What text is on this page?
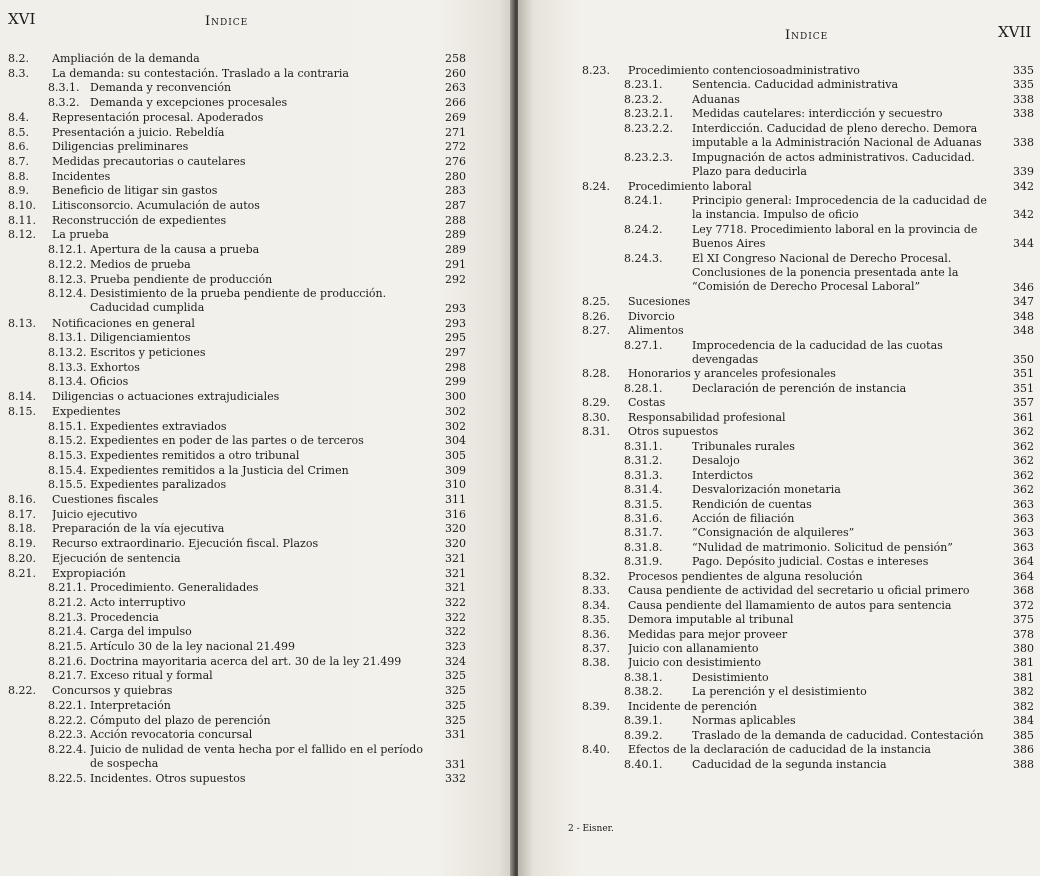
XVI	Indice
8.2. Ampliación de la demanda	258
8.3. La demanda: su contestación. Traslado a la contraria	260
8.3.1. Demanda y reconvención	263
8.3.2. Demanda y excepciones procesales	266
8.4. Representación procesal. Apoderados	269
8.5. Presentación a juicio. Rebeldía	271
8.6. Diligencias preliminares	272
8.7. Medidas precautorias o cautelares	276
8.8. Incidentes	280
8.9. Beneficio de litigar sin gastos	283
8.10. Litisconsorcio. Acumulación de autos	287
8.11. Reconstrucción de expedientes	288
8.12. La prueba	289
8.12.1. Apertura de la causa a prueba	289
8.12.2. Medios de prueba	291
8.12.3. Prueba pendiente de producción	292
8.12.4. Desistimiento de la prueba pendiente de producción. Caducidad cumplida	293
8.13. Notificaciones en general	293
8.13.1. Diligenciamientos	295
8.13.2. Escritos y peticiones	297
8.13.3. Exhortos	298
8.13.4. Oficios	299
8.14. Diligencias o actuaciones extrajudiciales	300
8.15. Expedientes	302
8.15.1. Expedientes extraviados	302
8.15.2. Expedientes en poder de las partes o de terceros	304
8.15.3. Expedientes remitidos a otro tribunal	305
8.15.4. Expedientes remitidos a la Justicia del Crimen	309
8.15.5. Expedientes paralizados	310
8.16. Cuestiones fiscales	311
8.17. Juicio ejecutivo	316
8.18. Preparación de la vía ejecutiva	320
8.19. Recurso extraordinario. Ejecución fiscal. Plazos	320
8.20. Ejecución de sentencia	321
8.21. Expropiación	321
8.21.1. Procedimiento. Generalidades	321
8.21.2. Acto interruptivo	322
8.21.3. Procedencia	322
8.21.4. Carga del impulso	322
8.21.5. Artículo 30 de la ley nacional 21.499	323
8.21.6. Doctrina mayoritaria acerca del art. 30 de la ley 21.499	324
8.21.7. Exceso ritual y formal	325
8.22. Concursos y quiebras	325
8.22.1. Interpretación	325
8.22.2. Cómputo del plazo de perención	325
8.22.3. Acción revocatoria concursal	331
8.22.4. Juicio de nulidad de venta hecha por el fallido en el período de sospecha	331
8.22.5. Incidentes. Otros supuestos	332
Indice	XVII
8.23. Procedimiento contenciosoadministrativo	335
8.23.1.	Sentencia. Caducidad administrativa	335
8.23.2.	Aduanas	338
8.23.2.1. Medidas cautelares: interdicción y secuestro	338
8.23.2.2. Interdicción. Caducidad de pleno derecho. Demora imputable a la Administración Nacional de Aduanas	338
8.23.2.3. Impugnación de actos administrativos. Caducidad. Plazo para deducirla	339
8.24. Procedimiento laboral	342
8.24.1.	Principio general: Improcedencia de la caducidad de la instancia. Impulso de oficio	342
8.24.2.	Ley 7718. Procedimiento laboral en la provincia de Buenos Aires	344
8.24.3.	El XI Congreso Nacional de Derecho Procesal. Conclusiones de la ponencia presentada ante la “Comisión de Derecho Procesal Laboral”	346
8.25. Sucesiones	347
8.26. Divorcio	348
8.27. Alimentos	348
8.27.1.	Improcedencia de la caducidad de las cuotas devengadas	350
8.28. Honorarios y aranceles profesionales	351
8.28.1.	Declaración de perención de instancia	351
8.29. Costas	357
8.30. Responsabilidad profesional	361
8.31. Otros supuestos	362
8.31.1.	Tribunales rurales	362
8.31.2.	Desalojo	362
8.31.3.	Interdictos	362
8.31.4.	Desvalorización monetaria	362
8.31.5.	Rendición de cuentas	363
8.31.6.	Acción de filiación	363
8.31.7.	“Consignación de alquileres”	363
8.31.8.	“Nulidad de matrimonio. Solicitud de pensión”	363
8.31.9.	Pago. Depósito judicial. Costas e intereses	364
8.32. Procesos pendientes de alguna resolución	364
8.33. Causa pendiente de actividad del secretario u oficial primero	368
8.34. Causa pendiente del llamamiento de autos para sentencia	372
8.35. Demora imputable al tribunal	375
8.36. Medidas para mejor proveer	378
8.37. Juicio con allanamiento	380
8.38. Juicio con desistimiento	381
8.38.1.	Desistimiento	381
8.38.2.	La perención y el desistimiento	382
8.39. Incidente de perención	382
8.39.1.	Normas aplicables	384
8.39.2.	Traslado de la demanda de caducidad. Contestación	385
8.40. Efectos de la declaración de caducidad de la instancia	386
8.40.1.	Caducidad de la segunda instancia	388
2 - Eisner.
